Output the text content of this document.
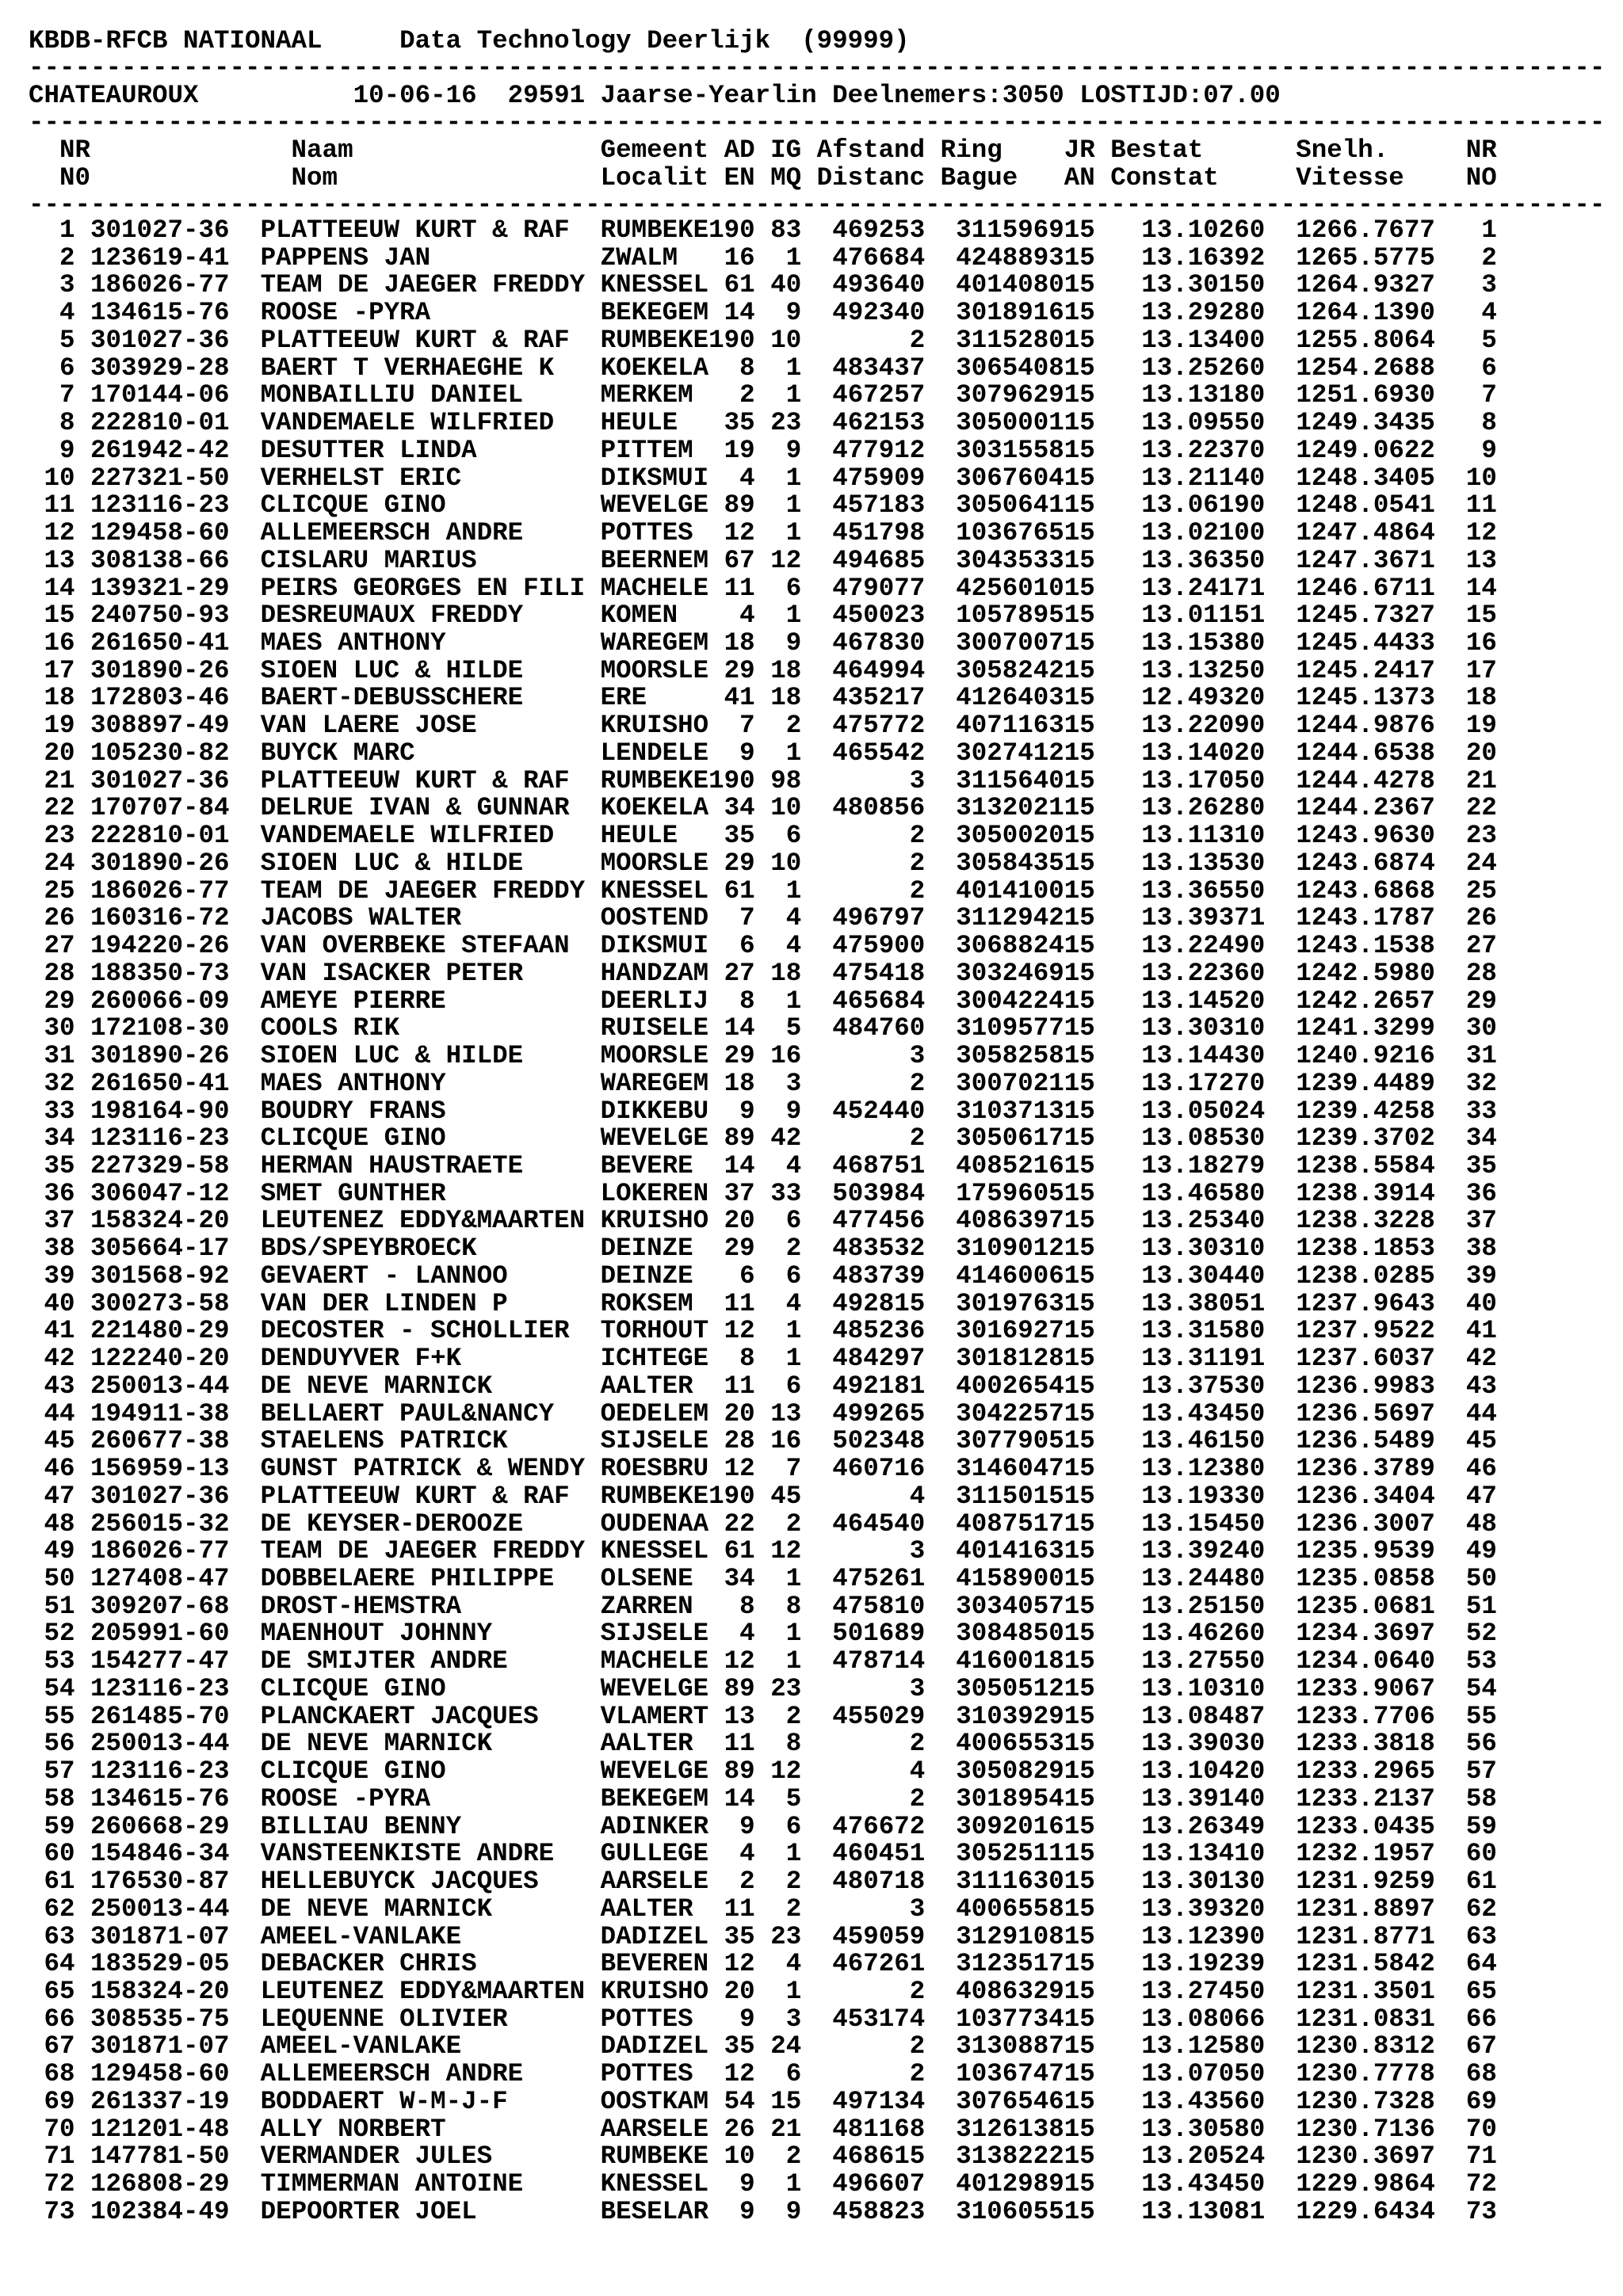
KBDB-RFCB NATIONAAL     Data Technology Deerlijk  (99999)
------------------------------------------------------------------------------------------------------
CHATEAUROUX          10-06-16  29591 Jaarse-Yearlin Deelnemers:3050 LOSTIJD:07.00
------------------------------------------------------------------------------------------------------
NR             Naam                Gemeent AD IG Afstand Ring    JR Bestat      Snelh.     NR
N0             Nom                 Localit EN MQ Distanc Bague   AN Constat     Vitesse    NO
------------------------------------------------------------------------------------------------------
1 301027-36  PLATTEEUW KURT & RAF  RUMBEKE190 83  469253  311596915   13.10260  1266.7677   1
2 123619-41  PAPPENS JAN           ZWALM   16  1  476684  424889315   13.16392  1265.5775   2
3 186026-77  TEAM DE JAEGER FREDDY KNESSEL 61 40  493640  401408015   13.30150  1264.9327   3
4 134615-76  ROOSE -PYRA           BEKEGEM 14  9  492340  301891615   13.29280  1264.1390   4
5 301027-36  PLATTEEUW KURT & RAF  RUMBEKE190 10       2  311528015   13.13400  1255.8064   5
6 303929-28  BAERT T VERHAEGHE K   KOEKELA  8  1  483437  306540815   13.25260  1254.2688   6
7 170144-06  MONBAILLIU DANIEL     MERKEM   2  1  467257  307962915   13.13180  1251.6930   7
8 222810-01  VANDEMAELE WILFRIED   HEULE   35 23  462153  305000115   13.09550  1249.3435   8
9 261942-42  DESUTTER LINDA        PITTEM  19  9  477912  303155815   13.22370  1249.0622   9
10 227321-50  VERHELST ERIC         DIKSMUI  4  1  475909  306760415   13.21140  1248.3405  10
11 123116-23  CLICQUE GINO          WEVELGE 89  1  457183  305064115   13.06190  1248.0541  11
12 129458-60  ALLEMEERSCH ANDRE     POTTES  12  1  451798  103676515   13.02100  1247.4864  12
13 308138-66  CISLARU MARIUS        BEERNEM 67 12  494685  304353315   13.36350  1247.3671  13
14 139321-29  PEIRS GEORGES EN FILI MACHELE 11  6  479077  425601015   13.24171  1246.6711  14
15 240750-93  DESREUMAUX FREDDY     KOMEN    4  1  450023  105789515   13.01151  1245.7327  15
16 261650-41  MAES ANTHONY          WAREGEM 18  9  467830  300700715   13.15380  1245.4433  16
17 301890-26  SIOEN LUC & HILDE     MOORSLE 29 18  464994  305824215   13.13250  1245.2417  17
18 172803-46  BAERT-DEBUSSCHERE     ERE     41 18  435217  412640315   12.49320  1245.1373  18
19 308897-49  VAN LAERE JOSE        KRUISHO  7  2  475772  407116315   13.22090  1244.9876  19
20 105230-82  BUYCK MARC            LENDELE  9  1  465542  302741215   13.14020  1244.6538  20
21 301027-36  PLATTEEUW KURT & RAF  RUMBEKE190 98       3  311564015   13.17050  1244.4278  21
22 170707-84  DELRUE IVAN & GUNNAR  KOEKELA 34 10  480856  313202115   13.26280  1244.2367  22
23 222810-01  VANDEMAELE WILFRIED   HEULE   35  6       2  305002015   13.11310  1243.9630  23
24 301890-26  SIOEN LUC & HILDE     MOORSLE 29 10       2  305843515   13.13530  1243.6874  24
25 186026-77  TEAM DE JAEGER FREDDY KNESSEL 61  1       2  401410015   13.36550  1243.6868  25
26 160316-72  JACOBS WALTER         OOSTEND  7  4  496797  311294215   13.39371  1243.1787  26
27 194220-26  VAN OVERBEKE STEFAAN  DIKSMUI  6  4  475900  306882415   13.22490  1243.1538  27
28 188350-73  VAN ISACKER PETER     HANDZAM 27 18  475418  303246915   13.22360  1242.5980  28
29 260066-09  AMEYE PIERRE          DEERLIJ  8  1  465684  300422415   13.14520  1242.2657  29
30 172108-30  COOLS RIK             RUISELE 14  5  484760  310957715   13.30310  1241.3299  30
31 301890-26  SIOEN LUC & HILDE     MOORSLE 29 16       3  305825815   13.14430  1240.9216  31
32 261650-41  MAES ANTHONY          WAREGEM 18  3       2  300702115   13.17270  1239.4489  32
33 198164-90  BOUDRY FRANS          DIKKEBU  9  9  452440  310371315   13.05024  1239.4258  33
34 123116-23  CLICQUE GINO          WEVELGE 89 42       2  305061715   13.08530  1239.3702  34
35 227329-58  HERMAN HAUSTRAETE     BEVERE  14  4  468751  408521615   13.18279  1238.5584  35
36 306047-12  SMET GUNTHER          LOKEREN 37 33  503984  175960515   13.46580  1238.3914  36
37 158324-20  LEUTENEZ EDDY&MAARTEN KRUISHO 20  6  477456  408639715   13.25340  1238.3228  37
38 305664-17  BDS/SPEYBROECK        DEINZE  29  2  483532  310901215   13.30310  1238.1853  38
39 301568-92  GEVAERT - LANNOO      DEINZE   6  6  483739  414600615   13.30440  1238.0285  39
40 300273-58  VAN DER LINDEN P      ROKSEM  11  4  492815  301976315   13.38051  1237.9643  40
41 221480-29  DECOSTER - SCHOLLIER  TORHOUT 12  1  485236  301692715   13.31580  1237.9522  41
42 122240-20  DENDUYVER F+K         ICHTEGE  8  1  484297  301812815   13.31191  1237.6037  42
43 250013-44  DE NEVE MARNICK       AALTER  11  6  492181  400265415   13.37530  1236.9983  43
44 194911-38  BELLAERT PAUL&NANCY   OEDELEM 20 13  499265  304225715   13.43450  1236.5697  44
45 260677-38  STAELENS PATRICK      SIJSELE 28 16  502348  307790515   13.46150  1236.5489  45
46 156959-13  GUNST PATRICK & WENDY ROESBRU 12  7  460716  314604715   13.12380  1236.3789  46
47 301027-36  PLATTEEUW KURT & RAF  RUMBEKE190 45       4  311501515   13.19330  1236.3404  47
48 256015-32  DE KEYSER-DEROOZE     OUDENAA 22  2  464540  408751715   13.15450  1236.3007  48
49 186026-77  TEAM DE JAEGER FREDDY KNESSEL 61 12       3  401416315   13.39240  1235.9539  49
50 127408-47  DOBBELAERE PHILIPPE   OLSENE  34  1  475261  415890015   13.24480  1235.0858  50
51 309207-68  DROST-HEMSTRA         ZARREN   8  8  475810  303405715   13.25150  1235.0681  51
52 205991-60  MAENHOUT JOHNNY       SIJSELE  4  1  501689  308485015   13.46260  1234.3697  52
53 154277-47  DE SMIJTER ANDRE      MACHELE 12  1  478714  416001815   13.27550  1234.0640  53
54 123116-23  CLICQUE GINO          WEVELGE 89 23       3  305051215   13.10310  1233.9067  54
55 261485-70  PLANCKAERT JACQUES    VLAMERT 13  2  455029  310392915   13.08487  1233.7706  55
56 250013-44  DE NEVE MARNICK       AALTER  11  8       2  400655315   13.39030  1233.3818  56
57 123116-23  CLICQUE GINO          WEVELGE 89 12       4  305082915   13.10420  1233.2965  57
58 134615-76  ROOSE -PYRA           BEKEGEM 14  5       2  301895415   13.39140  1233.2137  58
59 260668-29  BILLIAU BENNY         ADINKER  9  6  476672  309201615   13.26349  1233.0435  59
60 154846-34  VANSTEENKISTE ANDRE   GULLEGE  4  1  460451  305251115   13.13410  1232.1957  60
61 176530-87  HELLEBUYCK JACQUES    AARSELE  2  2  480718  311163015   13.30130  1231.9259  61
62 250013-44  DE NEVE MARNICK       AALTER  11  2       3  400655815   13.39320  1231.8897  62
63 301871-07  AMEEL-VANLAKE         DADIZEL 35 23  459059  312910815   13.12390  1231.8771  63
64 183529-05  DEBACKER CHRIS        BEVEREN 12  4  467261  312351715   13.19239  1231.5842  64
65 158324-20  LEUTENEZ EDDY&MAARTEN KRUISHO 20  1       2  408632915   13.27450  1231.3501  65
66 308535-75  LEQUENNE OLIVIER      POTTES   9  3  453174  103773415   13.08066  1231.0831  66
67 301871-07  AMEEL-VANLAKE         DADIZEL 35 24       2  313088715   13.12580  1230.8312  67
68 129458-60  ALLEMEERSCH ANDRE     POTTES  12  6       2  103674715   13.07050  1230.7778  68
69 261337-19  BODDAERT W-M-J-F      OOSTKAM 54 15  497134  307654615   13.43560  1230.7328  69
70 121201-48  ALLY NORBERT          AARSELE 26 21  481168  312613815   13.30580  1230.7136  70
71 147781-50  VERMANDER JULES       RUMBEKE 10  2  468615  313822215   13.20524  1230.3697  71
72 126808-29  TIMMERMAN ANTOINE     KNESSEL  9  1  496607  401298915   13.43450  1229.9864  72
73 102384-49  DEPOORTER JOEL        BESELAR  9  9  458823  310605515   13.13081  1229.6434  73
